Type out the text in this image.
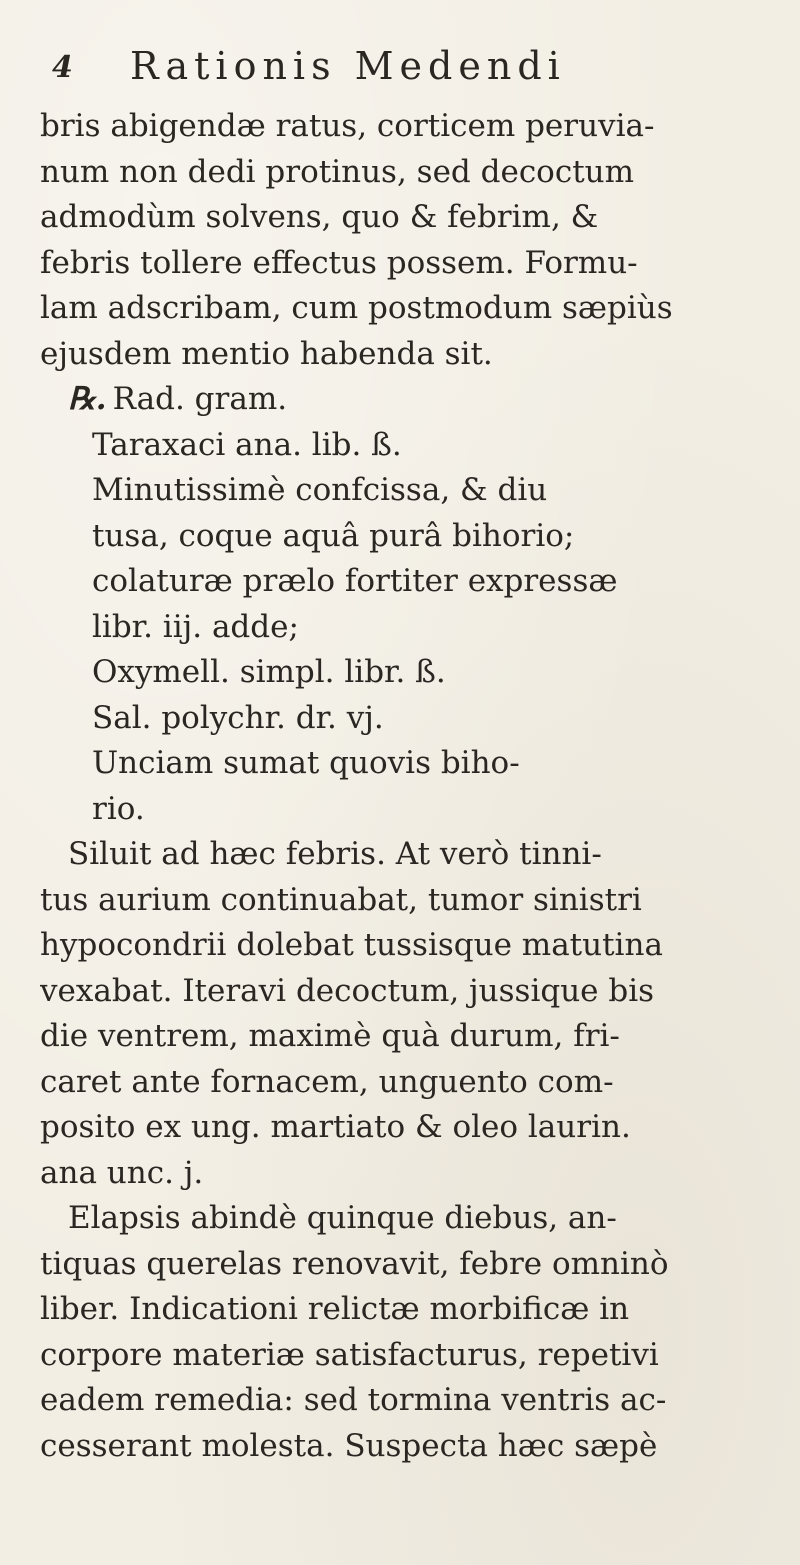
4 Rationis Medendi
bris abigendæ ratus, corticem peruvia-
num non dedi protinus, sed decoctum
admodùm solvens, quo & febrim, &
febris tollere effectus possem. Formu-
lam adscribam, cum postmodum sæpiùs
ejusdem mentio habenda sit.
℞. Rad. gram.
Taraxaci ana. lib. ß.
Minutissimè confcissa, & diu
tusa, coque aquâ purâ bihorio;
colaturæ prælo fortiter expressæ
libr. iij. adde;
Oxymell. simpl. libr. ß.
Sal. polychr. dr. vj.
Unciam sumat quovis biho-
rio.
Siluit ad hæc febris. At verò tinni-
tus aurium continuabat, tumor sinistri
hypocondrii dolebat tussisque matutina
vexabat. Iteravi decoctum, jussique bis
die ventrem, maximè quà durum, fri-
caret ante fornacem, unguento com-
posito ex ung. martiato & oleo laurin.
ana unc. j.
Elapsis abindè quinque diebus, an-
tiquas querelas renovavit, febre omninò
liber. Indicationi relictæ morbificæ in
corpore materiæ satisfacturus, repetivi
eadem remedia: sed tormina ventris ac-
cesserant molesta. Suspecta hæc sæpè
